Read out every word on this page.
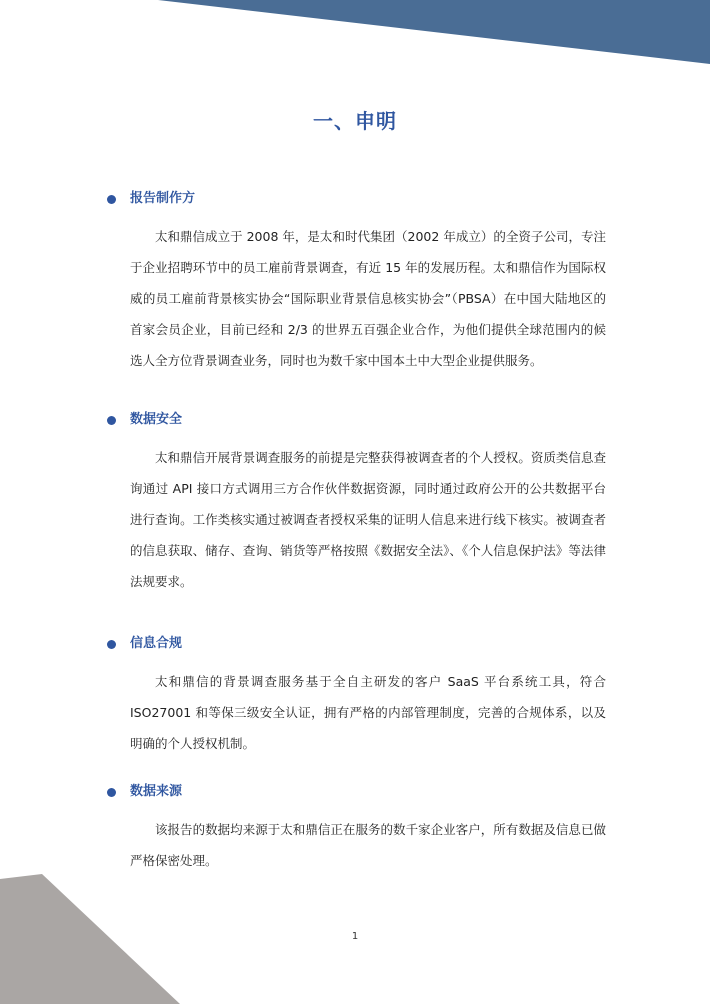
一、申明
报告制作方

太和鼎信成立于 2008 年，是太和时代集团（2002 年成立）的全资子公司，专注于企业招聘环节中的员工雇前背景调查，有近 15 年的发展历程。太和鼎信作为国际权威的员工雇前背景核实协会“国际职业背景信息核实协会”（PBSA）在中国大陆地区的首家会员企业，目前已经和 2/3 的世界五百强企业合作，为他们提供全球范围内的候选人全方位背景调查业务，同时也为数千家中国本土中大型企业提供服务。

数据安全

太和鼎信开展背景调查服务的前提是完整获得被调查者的个人授权。资质类信息查询通过 API 接口方式调用三方合作伙伴数据资源，同时通过政府公开的公共数据平台进行查询。工作类核实通过被调查者授权采集的证明人信息来进行线下核实。被调查者的信息获取、储存、查询、销货等严格按照《数据安全法》、《个人信息保护法》等法律法规要求。

信息合规

太和鼎信的背景调查服务基于全自主研发的客户 SaaS 平台系统工具，符合 ISO27001 和等保三级安全认证，拥有严格的内部管理制度，完善的合规体系，以及明确的个人授权机制。

数据来源

该报告的数据均来源于太和鼎信正在服务的数千家企业客户，所有数据及信息已做严格保密处理。

1
